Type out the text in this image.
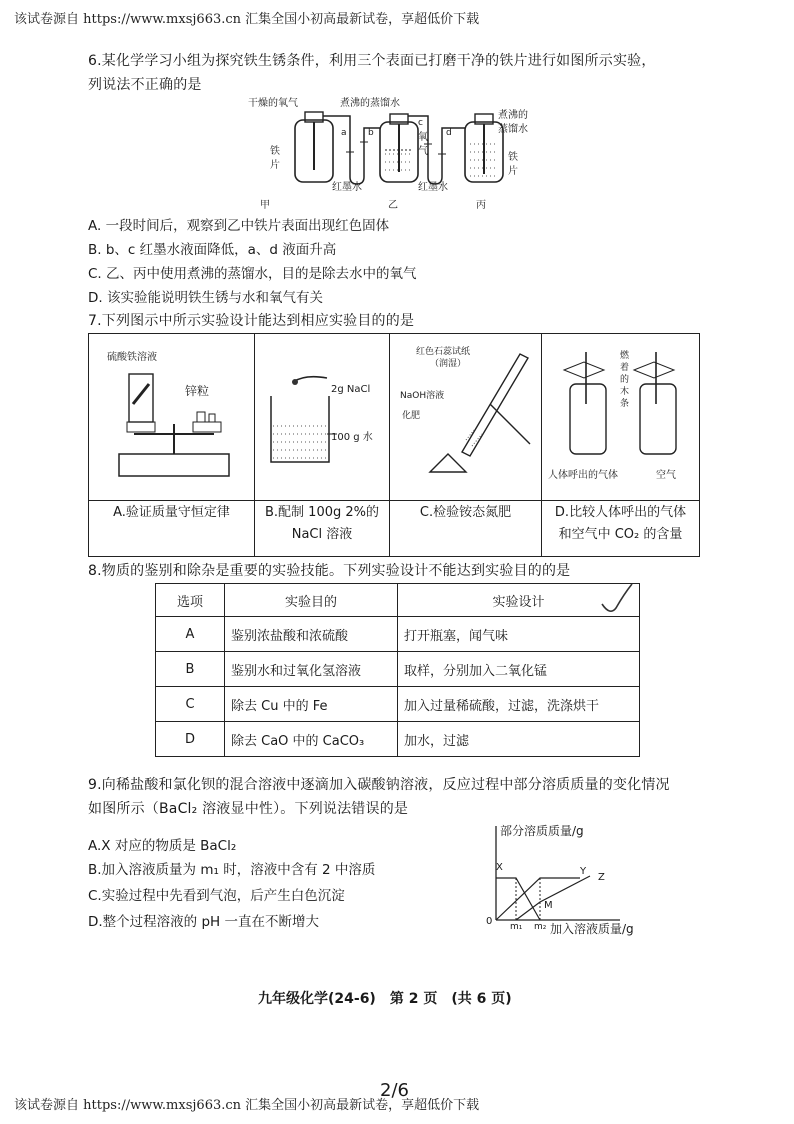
该试卷源自 https://www.mxsj663.cn 汇集全国小初高最新试卷，享超低价下载
6.某化学学习小组为探究铁生锈条件，利用三个表面已打磨干净的铁片进行如图所示实验，
列说法不正确的是
干燥的氧气	煮沸的蒸馏水
煮沸的
蒸馏水
铁
片
铁
片
氧
气
a b
c
d
红墨水	红墨水
甲	乙	丙
A. 一段时间后，观察到乙中铁片表面出现红色固体
B. b、c 红墨水液面降低，a、d 液面升高
C. 乙、丙中使用煮沸的蒸馏水，目的是除去水中的氧气
D. 该实验能说明铁生锈与水和氧气有关
7.下列图示中所示实验设计能达到相应实验目的的是
硫酸铁溶液
锌粒	2g NaCl
100 g 水
红色石蕊试纸
（润湿）
NaOH溶液
化肥
燃
着
的
木
条
人体呼出的气体	空气
A.验证质量守恒定律	B.配制 100g 2%的
NaCl 溶液
C.检验铵态氮肥	D.比较人体呼出的气体
和空气中 CO₂ 的含量
8.物质的鉴别和除杂是重要的实验技能。下列实验设计不能达到实验目的的是
选项	实验目的	实验设计
A	鉴别浓盐酸和浓硫酸	打开瓶塞，闻气味
B	鉴别水和过氧化氢溶液	取样，分别加入二氧化锰
C	除去 Cu 中的 Fe	加入过量稀硫酸，过滤，洗涤烘干
D	除去 CaO 中的 CaCO₃	加水，过滤
9.向稀盐酸和氯化钡的混合溶液中逐滴加入碳酸钠溶液，反应过程中部分溶质质量的变化情况
如图所示（BaCl₂ 溶液显中性）。下列说法错误的是
A.X 对应的物质是 BaCl₂
B.加入溶液质量为 m₁ 时，溶液中含有 2 中溶质
C.实验过程中先看到气泡，后产生白色沉淀
D.整个过程溶液的 pH 一直在不断增大
部分溶质质量/g
X	Y
Z
M
0 m₁ m₂ 加入溶液质量/g
九年级化学(24-6)　第 2 页　(共 6 页)
2/6
该试卷源自 https://www.mxsj663.cn 汇集全国小初高最新试卷，享超低价下载
